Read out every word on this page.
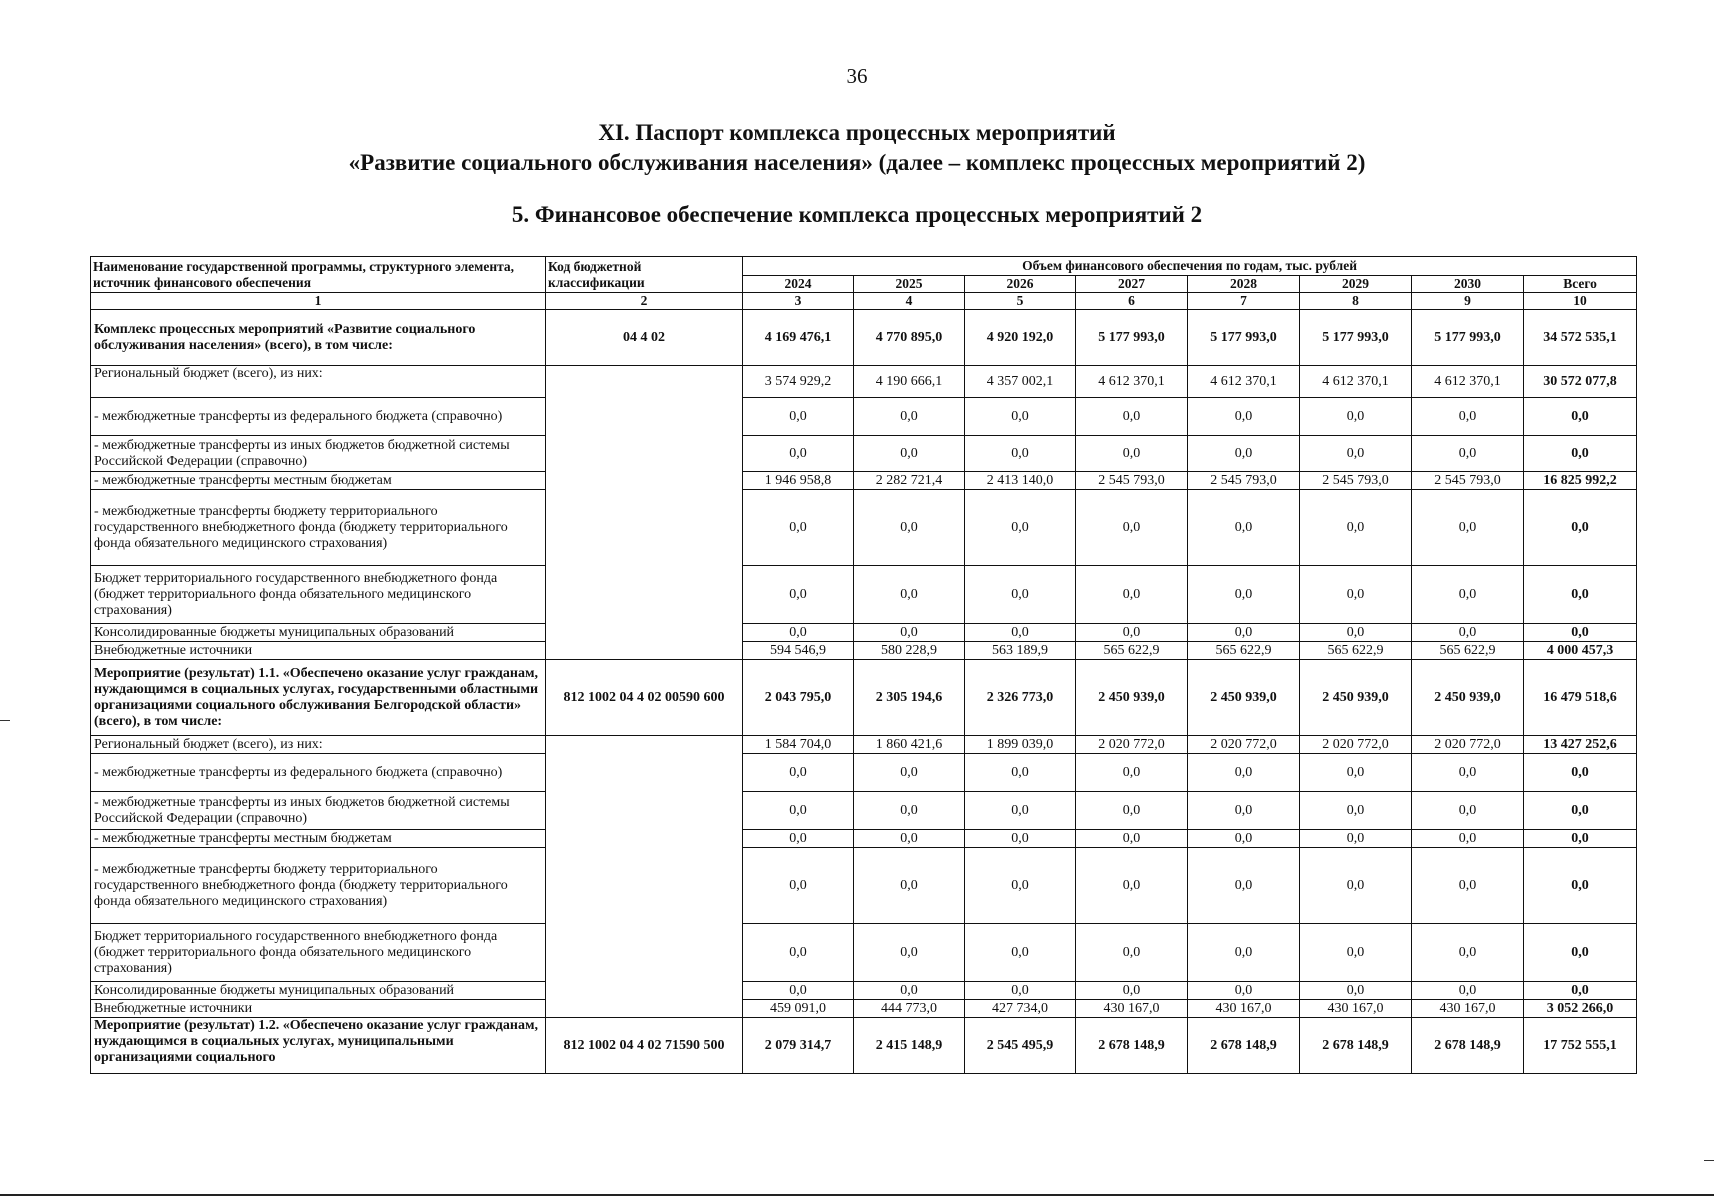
36
XI. Паспорт комплекса процессных мероприятий
«Развитие социального обслуживания населения» (далее – комплекс процессных мероприятий 2)
5. Финансовое обеспечение комплекса процессных мероприятий 2
Наименование государственной программы, структурного элемента, источник финансового обеспечения	Код бюджетной классификации	Объем финансового обеспечения по годам, тыс. рублей							
		2024	2025	2026	2027	2028	2029	2030	Всего
1	2	3	4	5	6	7	8	9	10
Комплекс процессных мероприятий «Развитие социального обслуживания населения» (всего), в том числе:	04 4 02	4 169 476,1	4 770 895,0	4 920 192,0	5 177 993,0	5 177 993,0	5 177 993,0	5 177 993,0	34 572 535,1
Региональный бюджет (всего), из них:		3 574 929,2	4 190 666,1	4 357 002,1	4 612 370,1	4 612 370,1	4 612 370,1	4 612 370,1	30 572 077,8
- межбюджетные трансферты из федерального бюджета (справочно)		0,0	0,0	0,0	0,0	0,0	0,0	0,0	0,0
- межбюджетные трансферты из иных бюджетов бюджетной системы Российской Федерации (справочно)		0,0	0,0	0,0	0,0	0,0	0,0	0,0	0,0
- межбюджетные трансферты местным бюджетам		1 946 958,8	2 282 721,4	2 413 140,0	2 545 793,0	2 545 793,0	2 545 793,0	2 545 793,0	16 825 992,2
- межбюджетные трансферты бюджету территориального государственного внебюджетного фонда (бюджету территориального фонда обязательного медицинского страхования)		0,0	0,0	0,0	0,0	0,0	0,0	0,0	0,0
Бюджет территориального государственного внебюджетного фонда (бюджет территориального фонда обязательного медицинского страхования)		0,0	0,0	0,0	0,0	0,0	0,0	0,0	0,0
Консолидированные бюджеты муниципальных образований		0,0	0,0	0,0	0,0	0,0	0,0	0,0	0,0
Внебюджетные источники		594 546,9	580 228,9	563 189,9	565 622,9	565 622,9	565 622,9	565 622,9	4 000 457,3
Мероприятие (результат) 1.1. «Обеспечено оказание услуг гражданам, нуждающимся в социальных услугах, государственными областными организациями социального обслуживания Белгородской области» (всего), в том числе:	812 1002 04 4 02 00590 600	2 043 795,0	2 305 194,6	2 326 773,0	2 450 939,0	2 450 939,0	2 450 939,0	2 450 939,0	16 479 518,6
Региональный бюджет (всего), из них:		1 584 704,0	1 860 421,6	1 899 039,0	2 020 772,0	2 020 772,0	2 020 772,0	2 020 772,0	13 427 252,6
- межбюджетные трансферты из федерального бюджета (справочно)		0,0	0,0	0,0	0,0	0,0	0,0	0,0	0,0
- межбюджетные трансферты из иных бюджетов бюджетной системы Российской Федерации (справочно)		0,0	0,0	0,0	0,0	0,0	0,0	0,0	0,0
- межбюджетные трансферты местным бюджетам		0,0	0,0	0,0	0,0	0,0	0,0	0,0	0,0
- межбюджетные трансферты бюджету территориального государственного внебюджетного фонда (бюджету территориального фонда обязательного медицинского страхования)		0,0	0,0	0,0	0,0	0,0	0,0	0,0	0,0
Бюджет территориального государственного внебюджетного фонда (бюджет территориального фонда обязательного медицинского страхования)		0,0	0,0	0,0	0,0	0,0	0,0	0,0	0,0
Консолидированные бюджеты муниципальных образований		0,0	0,0	0,0	0,0	0,0	0,0	0,0	0,0
Внебюджетные источники		459 091,0	444 773,0	427 734,0	430 167,0	430 167,0	430 167,0	430 167,0	3 052 266,0
Мероприятие (результат) 1.2. «Обеспечено оказание услуг гражданам, нуждающимся в социальных услугах, муниципальными организациями социального	812 1002 04 4 02 71590 500	2 079 314,7	2 415 148,9	2 545 495,9	2 678 148,9	2 678 148,9	2 678 148,9	2 678 148,9	17 752 555,1
